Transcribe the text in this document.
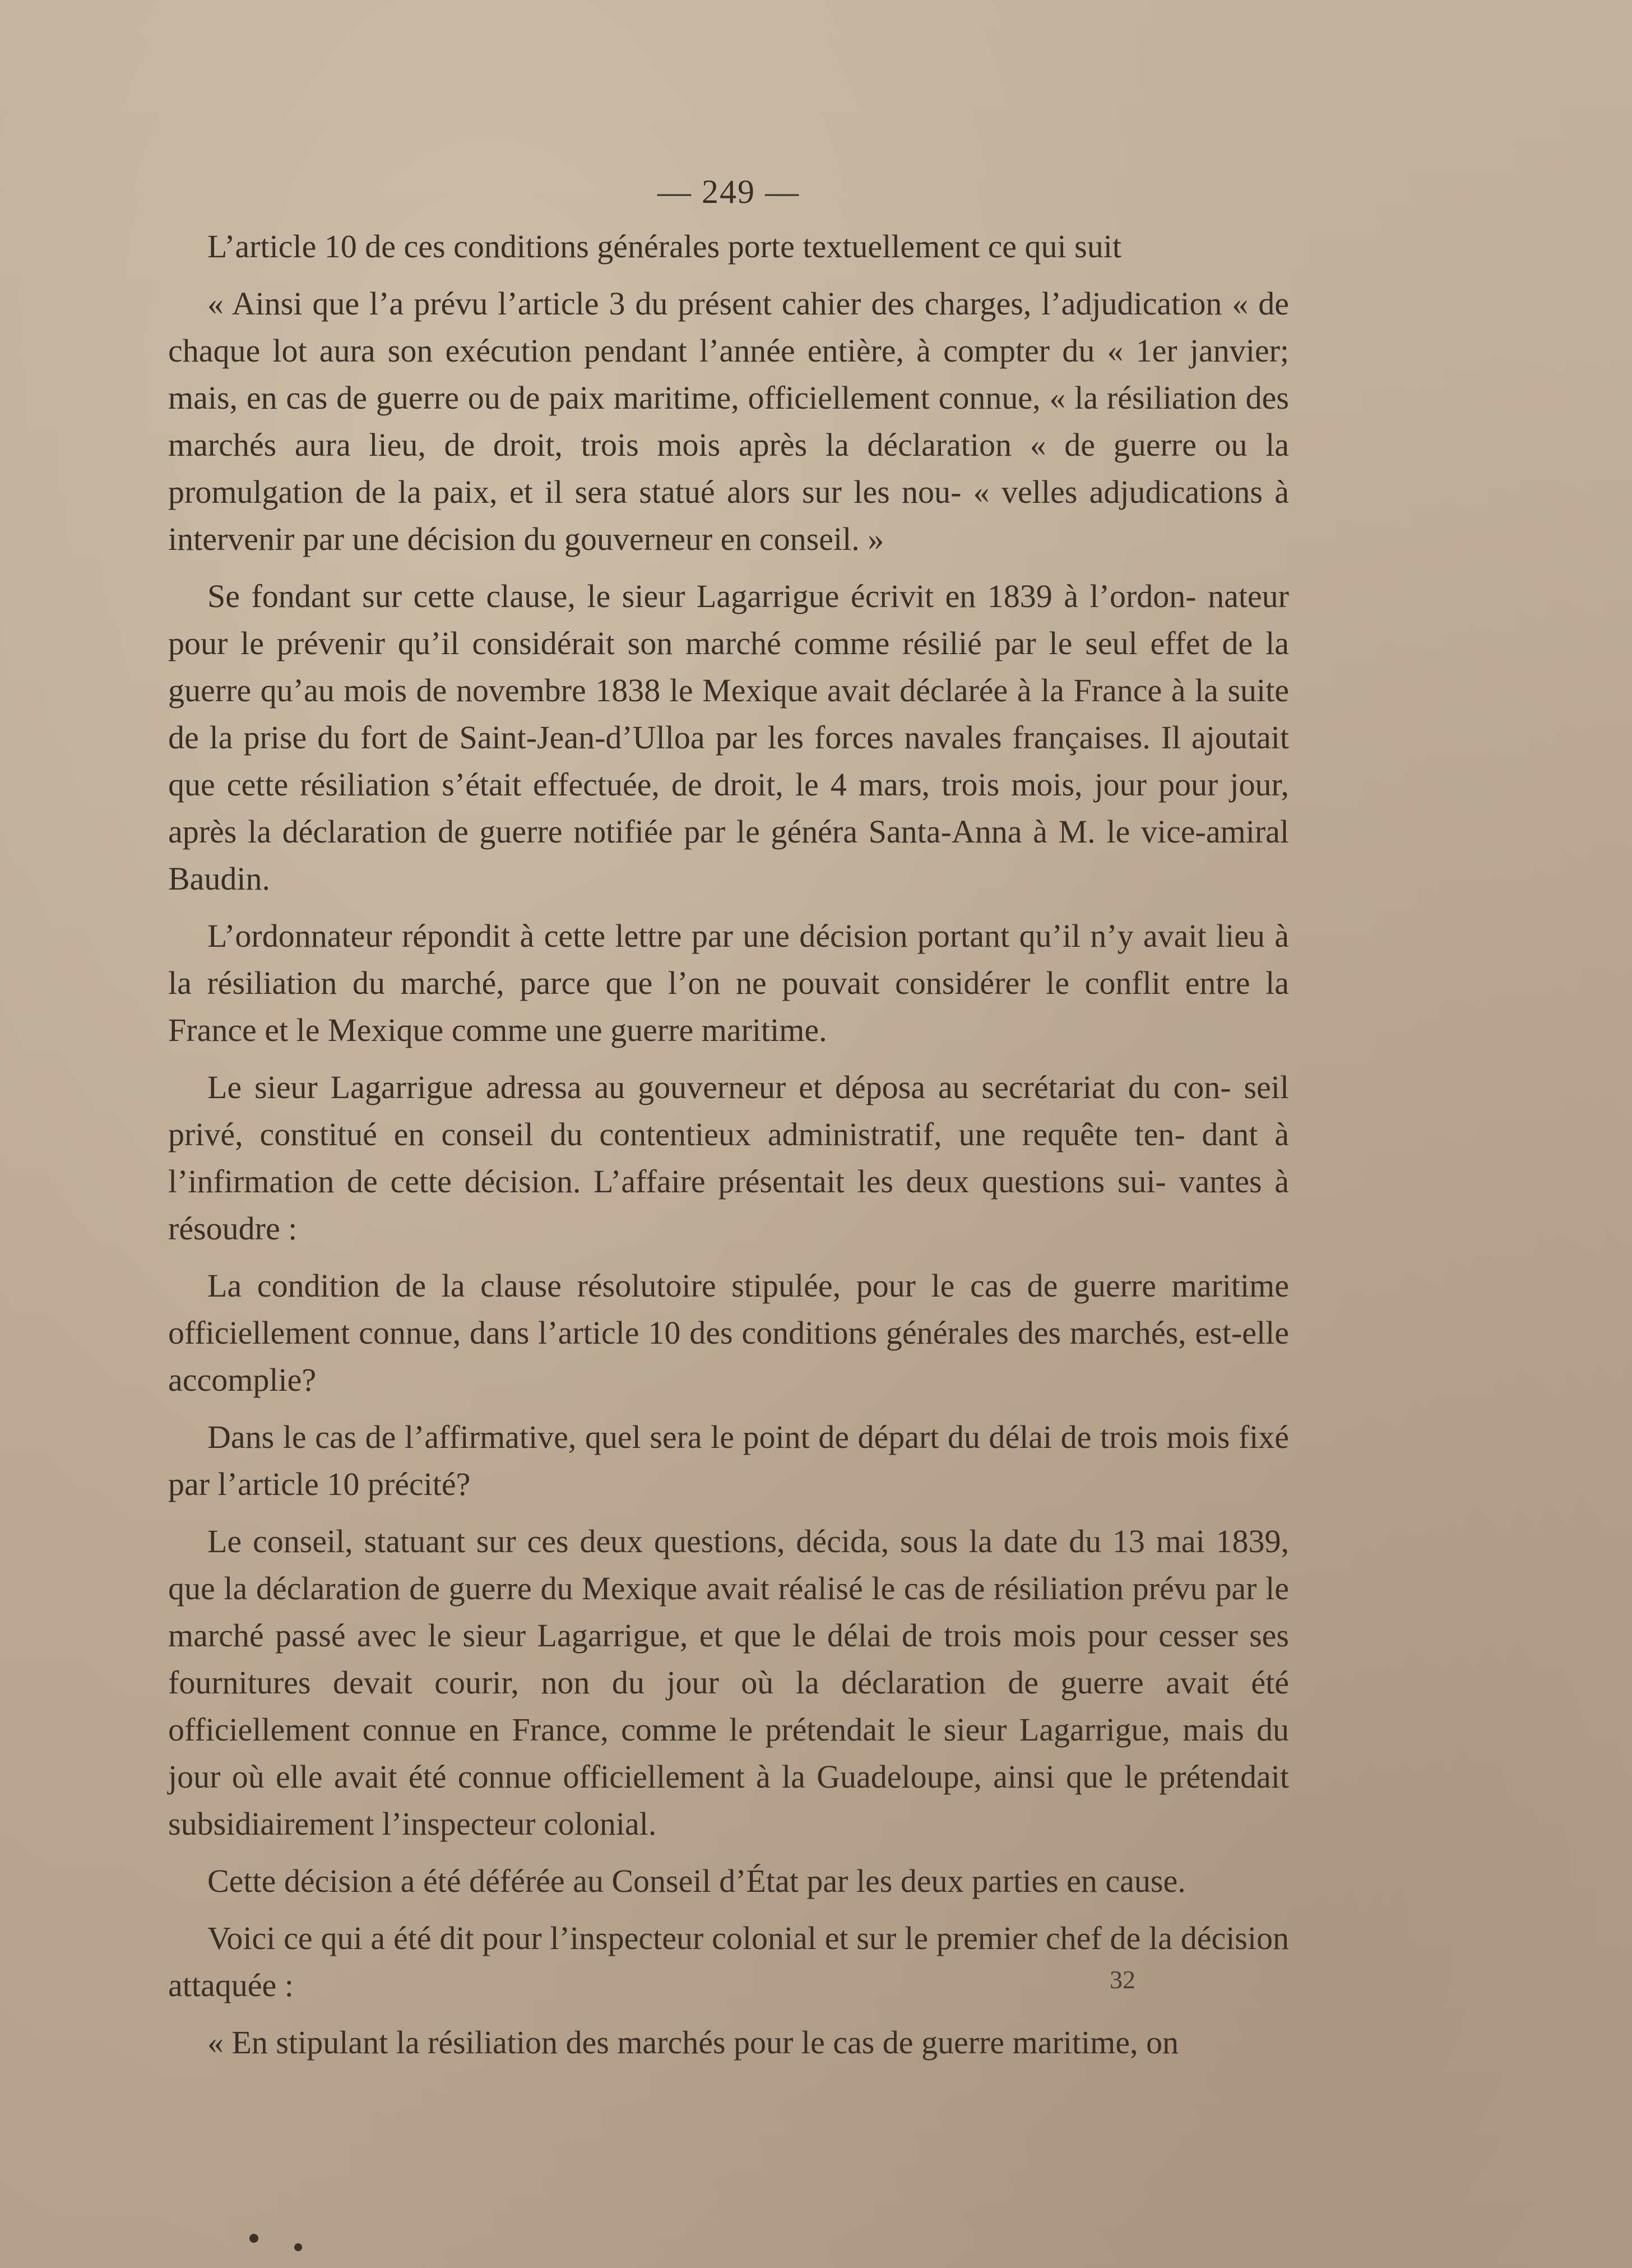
— 249 —

L’article 10 de ces conditions générales porte textuellement ce qui suit

« Ainsi que l’a prévu l’article 3 du présent cahier des charges, l’adjudication « de chaque lot aura son exécution pendant l’année entière, à compter du « 1er janvier; mais, en cas de guerre ou de paix maritime, officiellement connue, « la résiliation des marchés aura lieu, de droit, trois mois après la déclaration « de guerre ou la promulgation de la paix, et il sera statué alors sur les nou- « velles adjudications à intervenir par une décision du gouverneur en conseil. »

Se fondant sur cette clause, le sieur Lagarrigue écrivit en 1839 à l’ordon- nateur pour le prévenir qu’il considérait son marché comme résilié par le seul effet de la guerre qu’au mois de novembre 1838 le Mexique avait déclarée à la France à la suite de la prise du fort de Saint-Jean-d’Ulloa par les forces navales françaises. Il ajoutait que cette résiliation s’était effectuée, de droit, le 4 mars, trois mois, jour pour jour, après la déclaration de guerre notifiée par le généra Santa-Anna à M. le vice-amiral Baudin.

L’ordonnateur répondit à cette lettre par une décision portant qu’il n’y avait lieu à la résiliation du marché, parce que l’on ne pouvait considérer le conflit entre la France et le Mexique comme une guerre maritime.

Le sieur Lagarrigue adressa au gouverneur et déposa au secrétariat du con- seil privé, constitué en conseil du contentieux administratif, une requête ten- dant à l’infirmation de cette décision. L’affaire présentait les deux questions sui- vantes à résoudre :

La condition de la clause résolutoire stipulée, pour le cas de guerre maritime officiellement connue, dans l’article 10 des conditions générales des marchés, est-elle accomplie?

Dans le cas de l’affirmative, quel sera le point de départ du délai de trois mois fixé par l’article 10 précité?

Le conseil, statuant sur ces deux questions, décida, sous la date du 13 mai 1839, que la déclaration de guerre du Mexique avait réalisé le cas de résiliation prévu par le marché passé avec le sieur Lagarrigue, et que le délai de trois mois pour cesser ses fournitures devait courir, non du jour où la déclaration de guerre avait été officiellement connue en France, comme le prétendait le sieur Lagarrigue, mais du jour où elle avait été connue officiellement à la Guadeloupe, ainsi que le prétendait subsidiairement l’inspecteur colonial.

Cette décision a été déférée au Conseil d’État par les deux parties en cause.

Voici ce qui a été dit pour l’inspecteur colonial et sur le premier chef de la décision attaquée :

« En stipulant la résiliation des marchés pour le cas de guerre maritime, on

32
